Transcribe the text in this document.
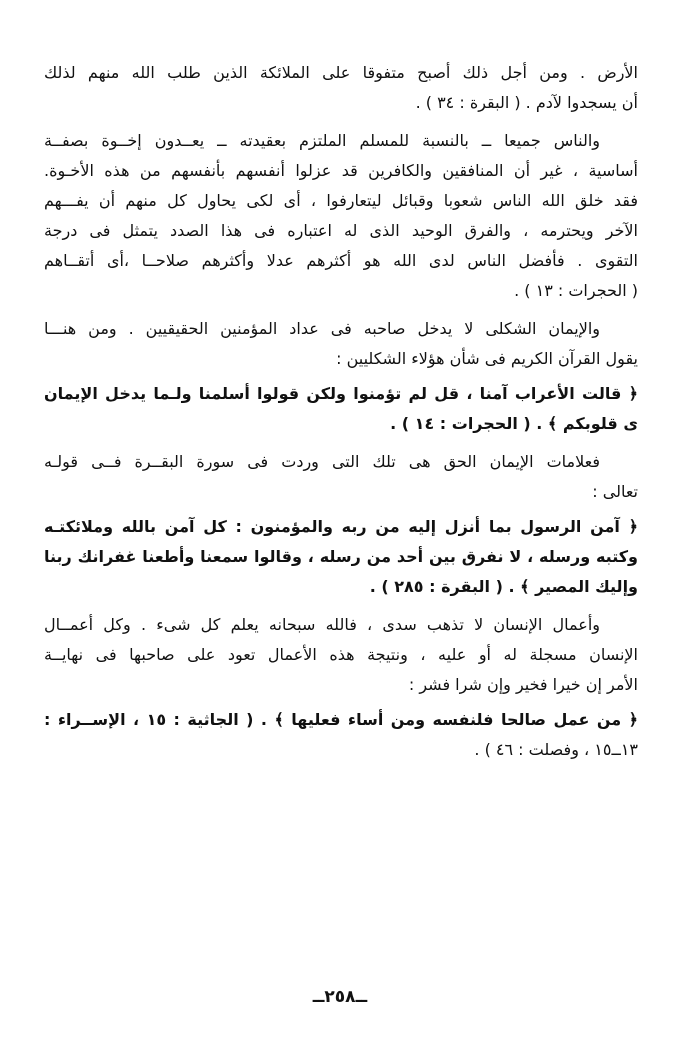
الأرض . ومن أجل ذلك أصبح متفوقا على الملائكة الذين طلب الله منهم لذلك
أن يسجدوا لآدم . ( البقرة : ٣٤ ) .
والناس جميعا ــ بالنسبة للمسلم الملتزم بعقيدته ــ يعــدون إخــوة بصفــة
أساسية ، غير أن المنافقين والكافرين قد عزلوا أنفسهم بأنفسهم من هذه الأخـوة.
فقد خلق الله الناس شعوبا وقبائل ليتعارفوا ، أى لكى يحاول كل منهم أن يفـــهم
الآخر ويحترمه ، والفرق الوحيد الذى له اعتباره فى هذا الصدد يتمثل فى درجة
التقوى . فأفضل الناس لدى الله هو أكثرهم عدلا وأكثرهم صلاحــا ،أى أتقــاهم
( الحجرات : ١٣ ) .
والإيمان الشكلى لا يدخل صاحبه فى عداد المؤمنين الحقيقيين . ومن هنـــا
يقول القرآن الكريم فى شأن هؤلاء الشكليين :
﴿ قالت الأعراب آمنا ، قل لم تؤمنوا ولكن قولوا أسلمنا ولـما يدخل الإيمان
ى قلوبكم ﴾ . ( الحجرات : ١٤ ) .
فعلامات الإيمان الحق هى تلك التى وردت فى سورة البقــرة فــى قولـه
تعالى :
﴿ آمن الرسول بما أنزل إليه من ربه والمؤمنون : كل آمن بالله وملائكتـه
وكتبه ورسله ، لا نفرق بين أحد من رسله ، وقالوا سمعنا وأطعنا غفرانك ربنا
وإليك المصير ﴾ . ( البقرة : ٢٨٥ ) .
وأعمال الإنسان لا تذهب سدى ، فالله سبحانه يعلم كل شىء . وكل أعمــال
الإنسان مسجلة له أو عليه ، ونتيجة هذه الأعمال تعود على صاحبها فى نهايــة
الأمر إن خيرا فخير وإن شرا فشر :
﴿ من عمل صالحا فلنفسه ومن أساء فعليها ﴾ . ( الجاثية : ١٥ ، الإســراء :
١٣ــ١٥ ، وفصلت : ٤٦ ) .
ــ٢٥٨ــ
